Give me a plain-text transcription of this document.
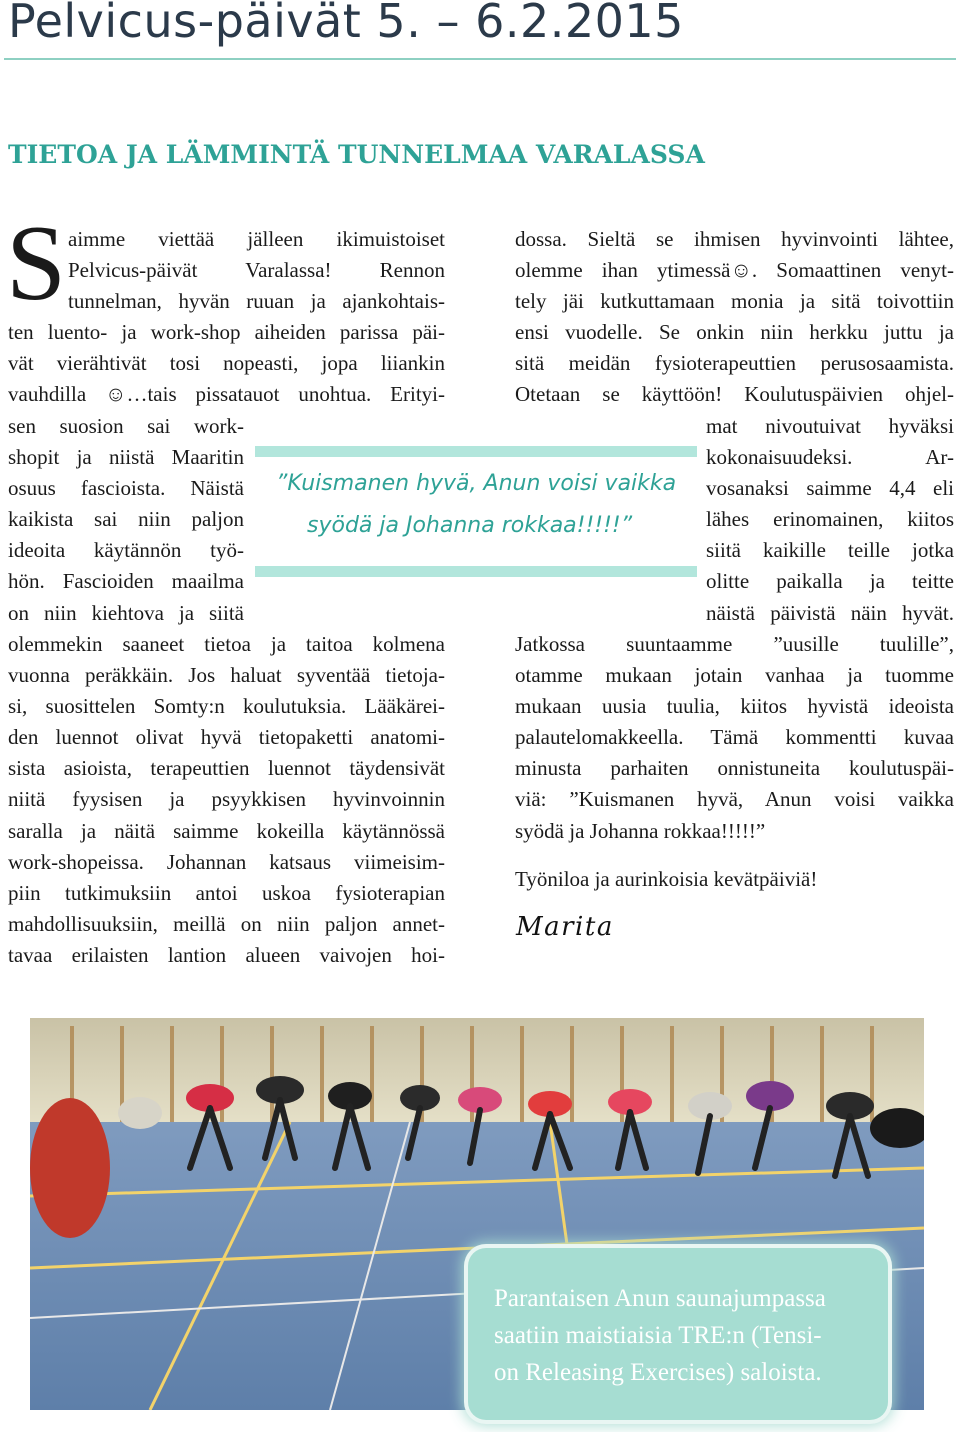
Pelvicus-päivät 5. – 6.2.2015
TIETOA JA LÄMMINTÄ TUNNELMAA VARALASSA
S aimme viettää jälleen ikimuistoiset
Pelvicus-päivät Varalassa! Rennon
tunnelman, hyvän ruuan ja ajankohtais-
ten luento- ja work-shop aiheiden parissa päi-
vät vierähtivät tosi nopeasti, jopa liiankin
vauhdilla ☺…tais pissatauot unohtua. Erityi-
sen suosion sai work-
shopit ja niistä Maaritin
osuus fascioista. Näistä
kaikista sai niin paljon
ideoita käytännön työ-
hön. Fascioiden maailma
on niin kiehtova ja siitä
olemmekin saaneet tietoa ja taitoa kolmena
vuonna peräkkäin. Jos haluat syventää tietoja-
si, suosittelen Somty:n koulutuksia. Lääkärei-
den luennot olivat hyvä tietopaketti anatomi-
sista asioista, terapeuttien luennot täydensivät
niitä fyysisen ja psyykkisen hyvinvoinnin
saralla ja näitä saimme kokeilla käytännössä
work-shopeissa. Johannan katsaus viimeisim-
piin tutkimuksiin antoi uskoa fysioterapian
mahdollisuuksiin, meillä on niin paljon annet-
tavaa erilaisten lantion alueen vaivojen hoi-
dossa. Sieltä se ihmisen hyvinvointi lähtee,
olemme ihan ytimessä☺. Somaattinen venyt-
tely jäi kutkuttamaan monia ja sitä toivottiin
ensi vuodelle. Se onkin niin herkku juttu ja
sitä meidän fysioterapeuttien perusosaamista.
Otetaan se käyttöön! Koulutuspäivien ohjel-
mat nivoutuivat hyväksi
kokonaisuudeksi. Ar-
vosanaksi saimme 4,4 eli
lähes erinomainen, kiitos
siitä kaikille teille jotka
olitte paikalla ja teitte
näistä päivistä näin hyvät.
Jatkossa suuntaamme ”uusille tuulille”,
otamme mukaan jotain vanhaa ja tuomme
mukaan uusia tuulia, kiitos hyvistä ideoista
palautelomakkeella. Tämä kommentti kuvaa
minusta parhaiten onnistuneita koulutuspäi-
viä: ”Kuismanen hyvä, Anun voisi vaikka
syödä ja Johanna rokkaa!!!!!”
Työniloa ja aurinkoisia kevätpäiviä!
Marita
”Kuismanen hyvä, Anun voisi vaikka
syödä ja Johanna rokkaa!!!!!”
Parantaisen Anun saunajumpassa
saatiin maistiaisia TRE:n (Tensi-
on Releasing Exercises) saloista.
